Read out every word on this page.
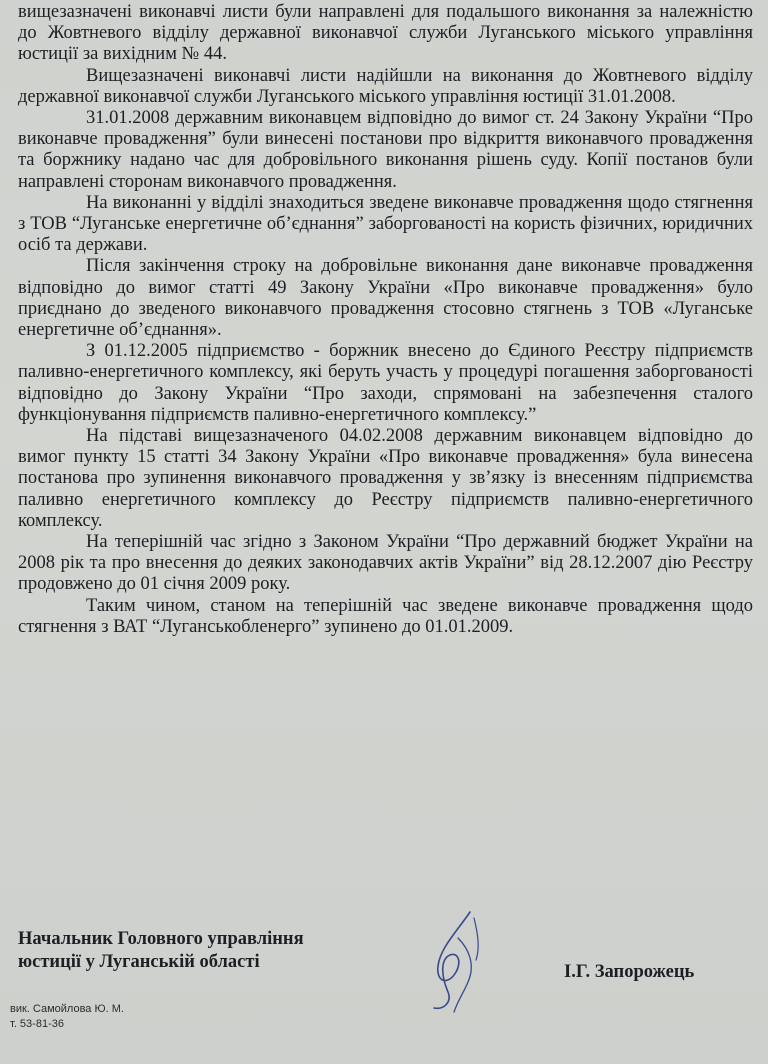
вищезазначені виконавчі листи були направлені для подальшого виконання за належністю до Жовтневого відділу державної виконавчої служби Луганського міського управління юстиції за вихідним № 44.

Вищезазначені виконавчі листи надійшли на виконання до Жовтневого відділу державної виконавчої служби Луганського міського управління юстиції 31.01.2008.

31.01.2008 державним виконавцем відповідно до вимог ст. 24 Закону України “Про виконавче провадження” були винесені постанови про відкриття виконавчого провадження та боржнику надано час для добровільного виконання рішень суду. Копії постанов були направлені сторонам виконавчого провадження.

На виконанні у відділі знаходиться зведене виконавче провадження щодо стягнення з ТОВ “Луганське енергетичне об’єднання” заборгованості на користь фізичних, юридичних осіб та держави.

Після закінчення строку на добровільне виконання дане виконавче провадження відповідно до вимог статті 49 Закону України «Про виконавче провадження» було приєднано до зведеного виконавчого провадження стосовно стягнень з ТОВ «Луганське енергетичне об’єднання».

З 01.12.2005 підприємство - боржник внесено до Єдиного Реєстру підприємств паливно-енергетичного комплексу, які беруть участь у процедурі погашення заборгованості відповідно до Закону України “Про заходи, спрямовані на забезпечення сталого функціонування підприємств паливно-енергетичного комплексу.”

На підставі вищезазначеного 04.02.2008 державним виконавцем відповідно до вимог пункту 15 статті 34 Закону України «Про виконавче провадження» була винесена постанова про зупинення виконавчого провадження у зв’язку із внесенням підприємства паливно енергетичного комплексу до Реєстру підприємств паливно-енергетичного комплексу.

На теперішній час згідно з Законом України “Про державний бюджет України на 2008 рік та про внесення до деяких законодавчих актів України” від 28.12.2007 дію Реєстру продовжено до 01 січня 2009 року.

Таким чином, станом на теперішній час зведене виконавче провадження щодо стягнення з ВАТ “Луганськобленерго” зупинено до 01.01.2009.

Начальник Головного управління
юстиції у Луганській області	І.Г. Запорожець
вик. Самойлова Ю. М.
т. 53-81-36
